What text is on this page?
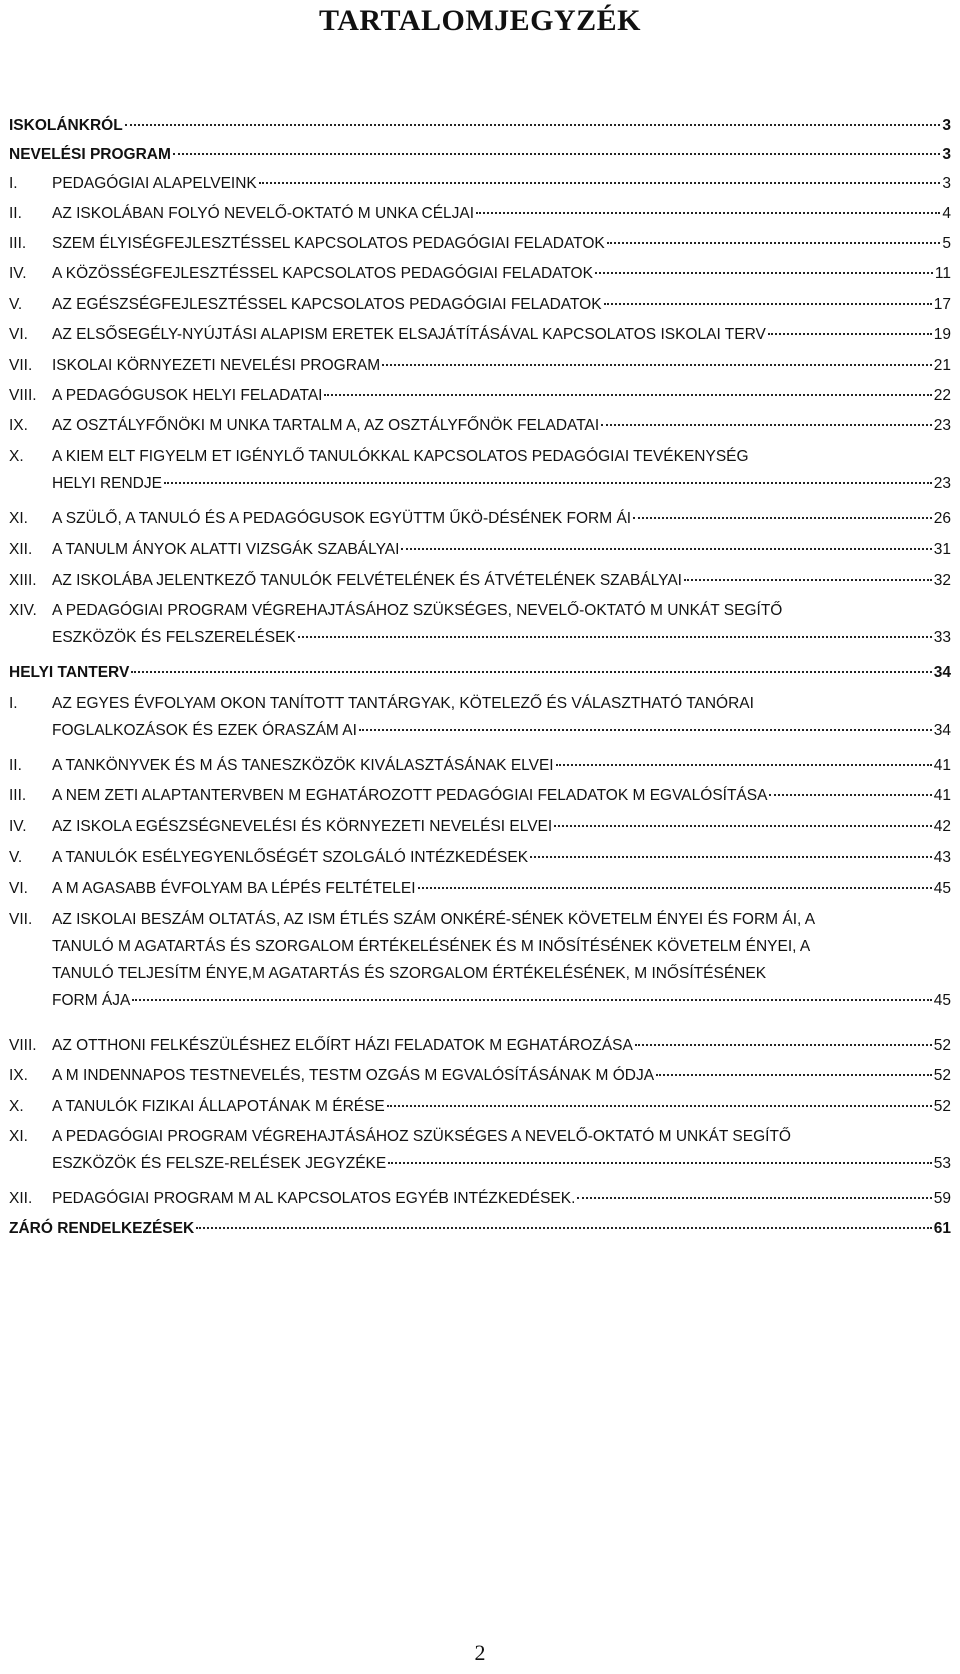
TARTALOMJEGYZÉK
ISKOLÁNKRÓL	3
NEVELÉSI PROGRAM	3
I. PEDAGÓGIAI ALAPELVEINK	3
II. AZ ISKOLÁBAN FOLYÓ NEVELŐ-OKTATÓ M UNKA CÉLJAI	4
III. SZEM ÉLYISÉGFEJLESZTÉSSEL KAPCSOLATOS PEDAGÓGIAI FELADATOK	5
IV. A KÖZÖSSÉGFEJLESZTÉSSEL KAPCSOLATOS PEDAGÓGIAI FELADATOK	11
V. AZ EGÉSZSÉGFEJLESZTÉSSEL KAPCSOLATOS PEDAGÓGIAI FELADATOK	17
VI. AZ ELSŐSEGÉLY-NYÚJTÁSI ALAPISM ERETEK ELSAJÁTÍTÁSÁVAL KAPCSOLATOS ISKOLAI TERV	19
VII. ISKOLAI KÖRNYEZETI NEVELÉSI PROGRAM	21
VIII. A PEDAGÓGUSOK HELYI FELADATAI	22
IX. AZ OSZTÁLYFŐNÖKI M UNKA TARTALM A, AZ OSZTÁLYFŐNÖK FELADATAI	23
X. A KIEM ELT FIGYELM ET IGÉNYLŐ TANULÓKKAL KAPCSOLATOS PEDAGÓGIAI TEVÉKENYSÉG
HELYI RENDJE	23
XI. A SZÜLŐ, A TANULÓ ÉS A PEDAGÓGUSOK EGYÜTTM ŰKÖ-DÉSÉNEK FORM ÁI	26
XII. A TANULM ÁNYOK ALATTI VIZSGÁK SZABÁLYAI	31
XIII. AZ ISKOLÁBA JELENTKEZŐ TANULÓK FELVÉTELÉNEK ÉS ÁTVÉTELÉNEK SZABÁLYAI	32
XIV. A PEDAGÓGIAI PROGRAM VÉGREHAJTÁSÁHOZ SZÜKSÉGES, NEVELŐ-OKTATÓ M UNKÁT SEGÍTŐ
ESZKÖZÖK ÉS FELSZERELÉSEK	33
HELYI TANTERV	34
I. AZ EGYES ÉVFOLYAM OKON TANÍTOTT TANTÁRGYAK, KÖTELEZŐ ÉS VÁLASZTHATÓ TANÓRAI
FOGLALKOZÁSOK ÉS EZEK ÓRASZÁM AI	34
II. A TANKÖNYVEK ÉS M ÁS TANESZKÖZÖK KIVÁLASZTÁSÁNAK ELVEI	41
III. A NEM ZETI ALAPTANTERVBEN M EGHATÁROZOTT PEDAGÓGIAI FELADATOK M EGVALÓSÍTÁSA	41
IV. AZ ISKOLA EGÉSZSÉGNEVELÉSI ÉS KÖRNYEZETI NEVELÉSI ELVEI	42
V. A TANULÓK ESÉLYEGYENLŐSÉGÉT SZOLGÁLÓ INTÉZKEDÉSEK	43
VI. A M AGASABB ÉVFOLYAM BA LÉPÉS FELTÉTELEI	45
VII. AZ ISKOLAI BESZÁM OLTATÁS, AZ ISM ÉTLÉS SZÁM ONKÉRÉ-SÉNEK KÖVETELM ÉNYEI ÉS FORM ÁI, A
TANULÓ M AGATARTÁS ÉS SZORGALOM ÉRTÉKELÉSÉNEK ÉS M INŐSÍTÉSÉNEK KÖVETELM ÉNYEI, A
TANULÓ TELJESÍTM ÉNYE,M AGATARTÁS ÉS SZORGALOM ÉRTÉKELÉSÉNEK, M INŐSÍTÉSÉNEK
FORM ÁJA	45
VIII. AZ OTTHONI FELKÉSZÜLÉSHEZ ELŐÍRT HÁZI FELADATOK M EGHATÁROZÁSA	52
IX. A M INDENNAPOS TESTNEVELÉS, TESTM OZGÁS M EGVALÓSÍTÁSÁNAK M ÓDJA	52
X. A TANULÓK FIZIKAI ÁLLAPOTÁNAK M ÉRÉSE	52
XI. A PEDAGÓGIAI PROGRAM VÉGREHAJTÁSÁHOZ SZÜKSÉGES A NEVELŐ-OKTATÓ M UNKÁT SEGÍTŐ
ESZKÖZÖK ÉS FELSZE-RELÉSEK JEGYZÉKE	53
XII. PEDAGÓGIAI PROGRAM M AL KAPCSOLATOS EGYÉB INTÉZKEDÉSEK.	59
ZÁRÓ RENDELKEZÉSEK	61
2
